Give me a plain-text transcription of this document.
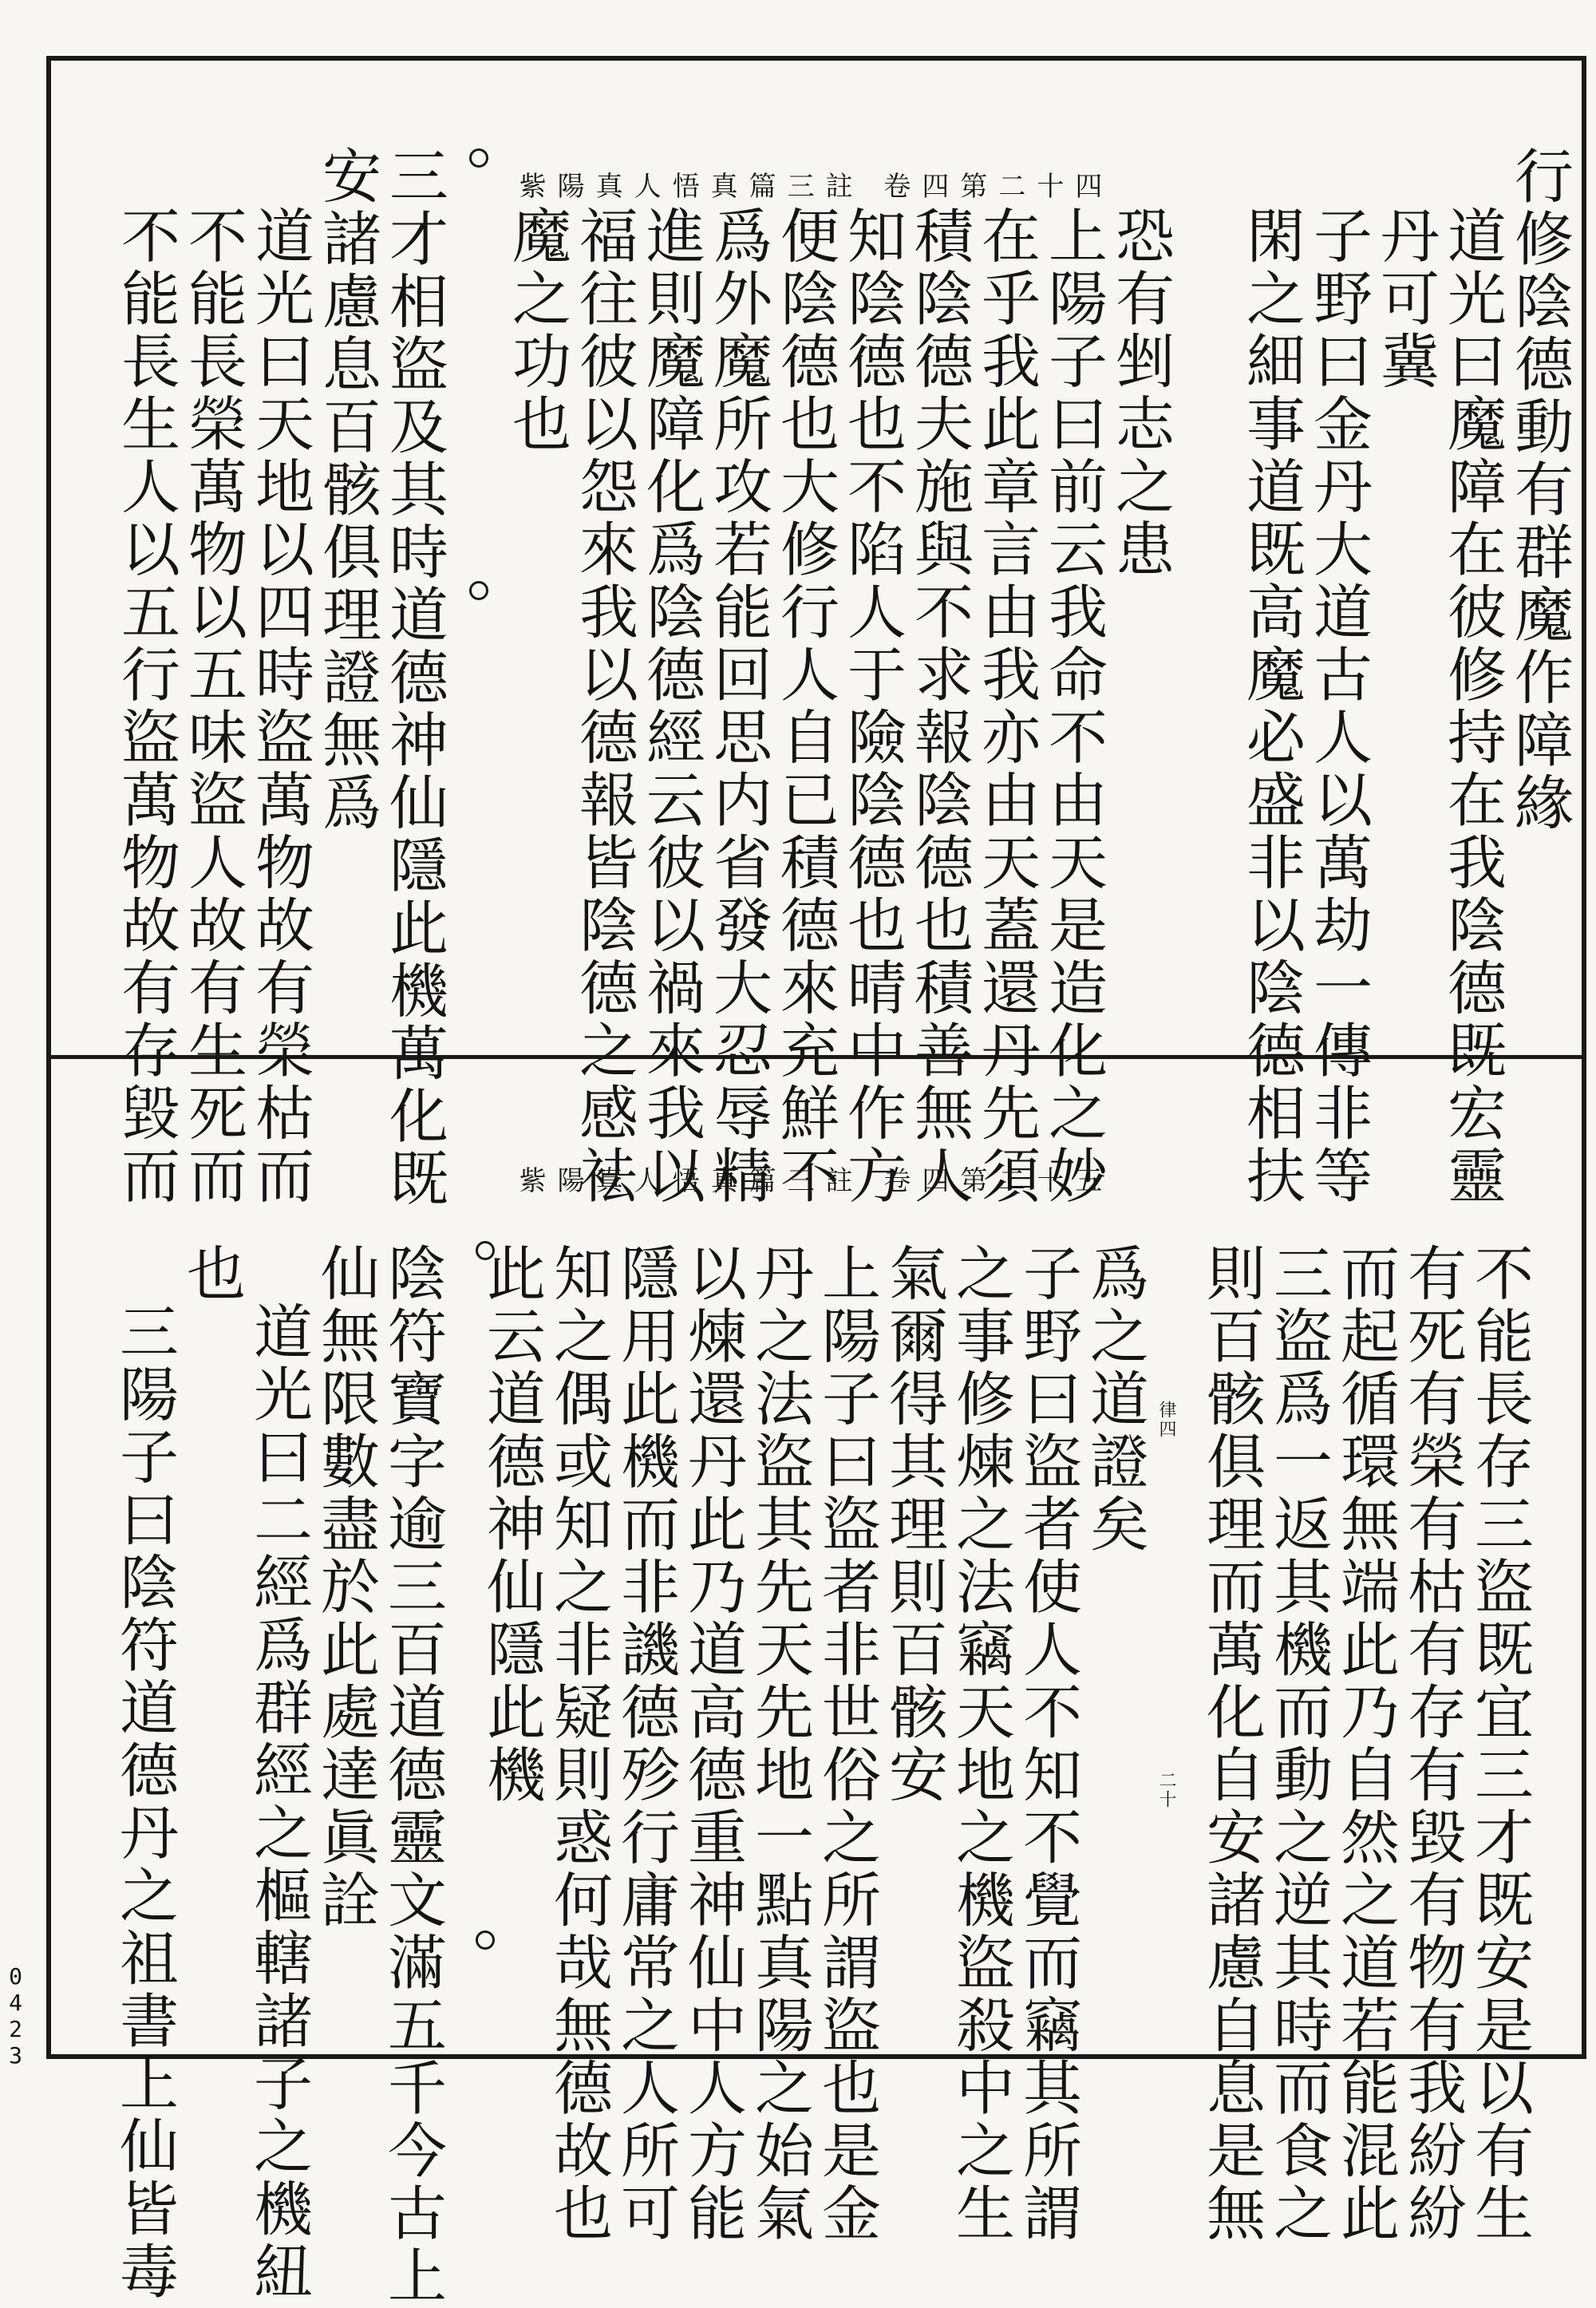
紫陽真人悟真篇三註 卷四第二十四	行修陰德動有群魔作障緣
道光曰魔障在彼修持在我陰德既宏靈
丹可冀
子野曰金丹大道古人以萬劫一傳非等
閑之細事道既高魔必盛非以陰德相扶
恐有剉志之患
上陽子曰前云我命不由天是造化之妙
在乎我此章言由我亦由天蓋還丹先須
積陰德夫施與不求報陰德也積善無人
知陰德也不陷人于險陰德也晴中作方
便陰德也大修行人自已積德來充鮮不
爲外魔所攻若能回思内省發大忍辱精
進則魔障化爲陰德經云彼以禍來我以
福往彼以怨來我以德報皆陰德之感袪
魔之功也
三才相盜及其時道德神仙隱此機萬化既
安諸慮息百骸俱理證無爲
道光曰天地以四時盜萬物故有榮枯而
不能長榮萬物以五味盜人故有生死而
不能長生人以五行盜萬物故有存毀而	紫陽真人悟真篇三註 卷四第二十五
律四
二十	不能長存三盜既宜三才既安是以有生
有死有榮有枯有存有毀有物有我紛紛
而起循環無端此乃自然之道若能混此
三盜爲一返其機而動之逆其時而食之
則百骸俱理而萬化自安諸慮自息是無
爲之道證矣
子野曰盜者使人不知不覺而竊其所謂
之事修煉之法竊天地之機盜殺中之生
氣爾得其理則百骸安
上陽子曰盜者非世俗之所謂盜也是金
丹之法盜其先天先地一點真陽之始氣
以煉還丹此乃道高德重神仙中人方能
隱用此機而非譏德殄行庸常之人所可
知之偶或知之非疑則惑何哉無德故也
此云道德神仙隱此機
陰符寶字逾三百道德靈文滿五千今古上
仙無限數盡於此處達眞詮
道光曰二經爲群經之樞轄諸子之機紐
也
三陽子曰陰符道德丹之祖書上仙皆毒
0423
